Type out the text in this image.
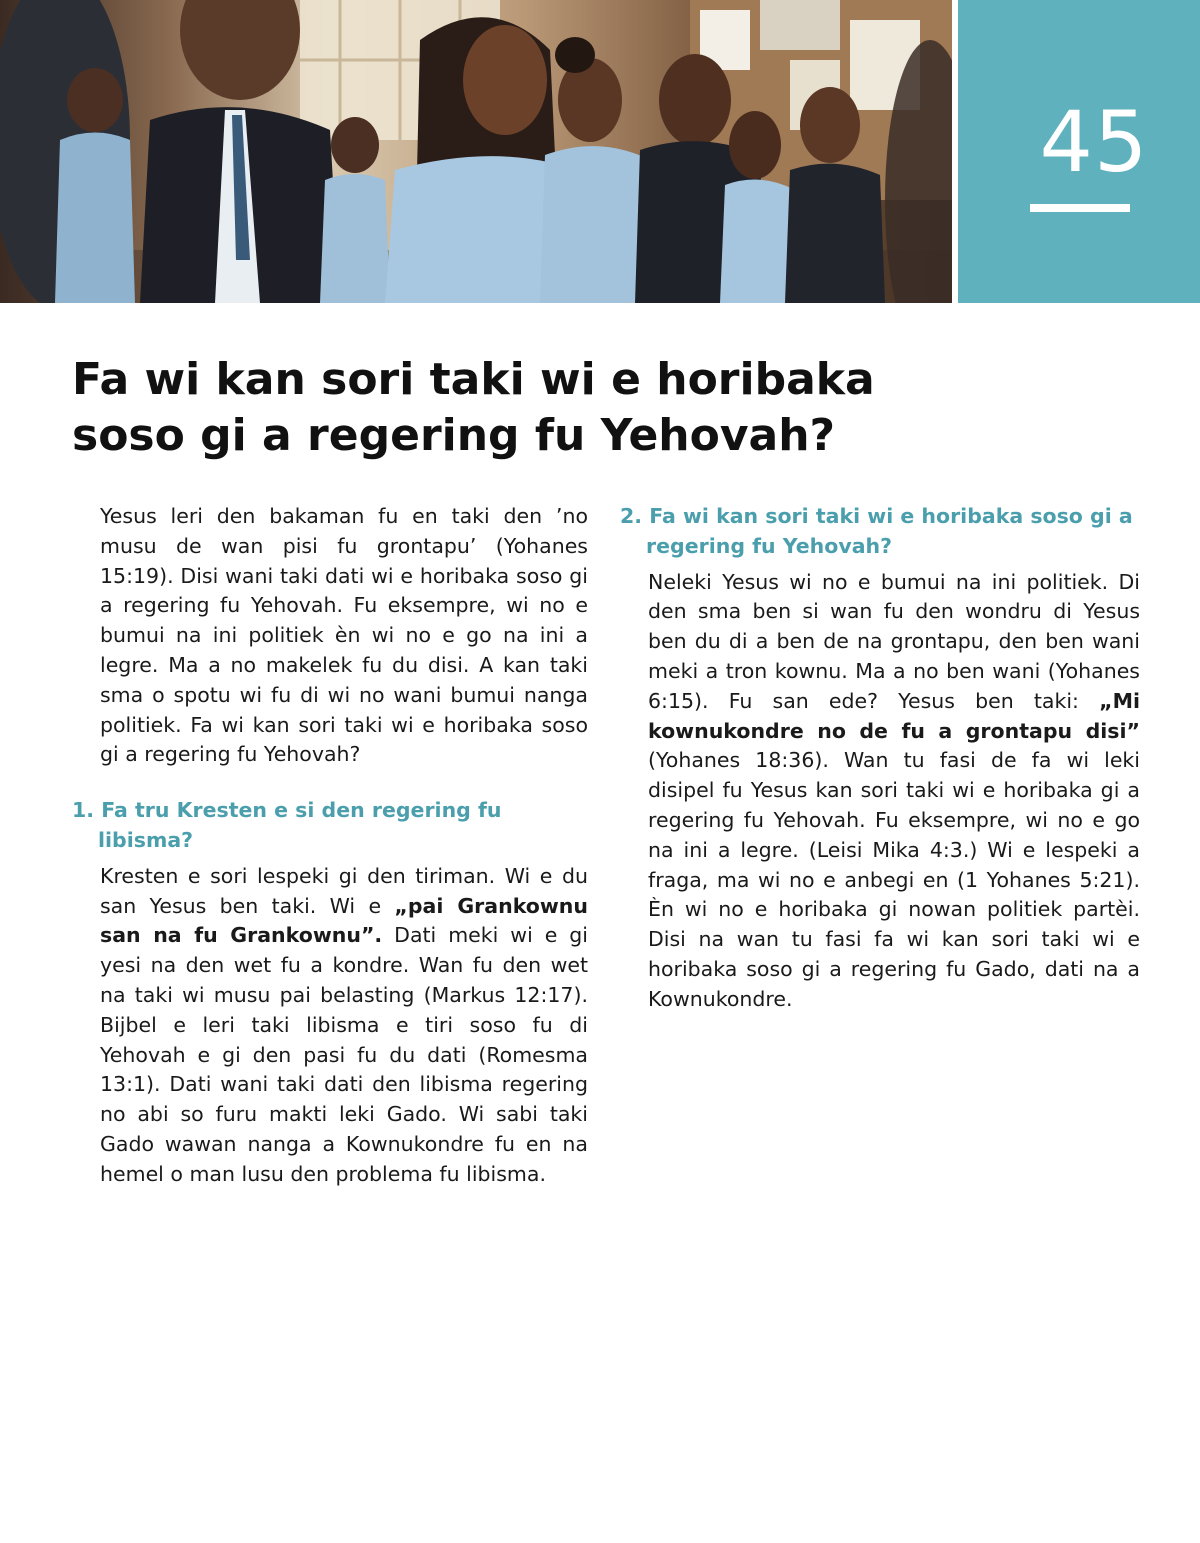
45
Fa wi kan sori taki wi e horibaka
soso gi a regering fu Yehovah?

Yesus leri den bakaman fu en taki den ’no musu de wan pisi fu grontapu’ (Yohanes 15:19). Disi wani taki dati wi e horibaka soso gi a regering fu Yehovah. Fu eksempre, wi no e bumui na ini politiek èn wi no e go na ini a legre. Ma a no makelek fu du disi. A kan taki sma o spotu wi fu di wi no wani bumui nanga politiek. Fa wi kan sori taki wi e horibaka soso gi a regering fu Yehovah?

1. Fa tru Kresten e si den regering fu libisma?

Kresten e sori lespeki gi den tiriman. Wi e du san Yesus ben taki. Wi e „pai Grankownu san na fu Grankownu”. Dati meki wi e gi yesi na den wet fu a kondre. Wan fu den wet na taki wi musu pai belasting (Markus 12:17). Bijbel e leri taki libisma e tiri soso fu di Yehovah e gi den pasi fu du dati (Romesma 13:1). Dati wani taki dati den libisma regering no abi so furu makti leki Gado. Wi sabi taki Gado wawan nanga a Kownukondre fu en na hemel o man lusu den problema fu libisma.

2. Fa wi kan sori taki wi e horibaka soso gi a regering fu Yehovah?

Neleki Yesus wi no e bumui na ini politiek. Di den sma ben si wan fu den wondru di Yesus ben du di a ben de na grontapu, den ben wani meki a tron kownu. Ma a no ben wani (Yohanes 6:15). Fu san ede? Yesus ben taki: „Mi kownukondre no de fu a grontapu disi” (Yohanes 18:36). Wan tu fasi de fa wi leki disipel fu Yesus kan sori taki wi e horibaka gi a regering fu Yehovah. Fu eksempre, wi no e go na ini a legre. (Leisi Mika 4:3.) Wi e lespeki a fraga, ma wi no e anbegi en (1 Yohanes 5:21). Èn wi no e horibaka gi nowan politiek partèi. Disi na wan tu fasi fa wi kan sori taki wi e horibaka soso gi a regering fu Gado, dati na a Kownukondre.
